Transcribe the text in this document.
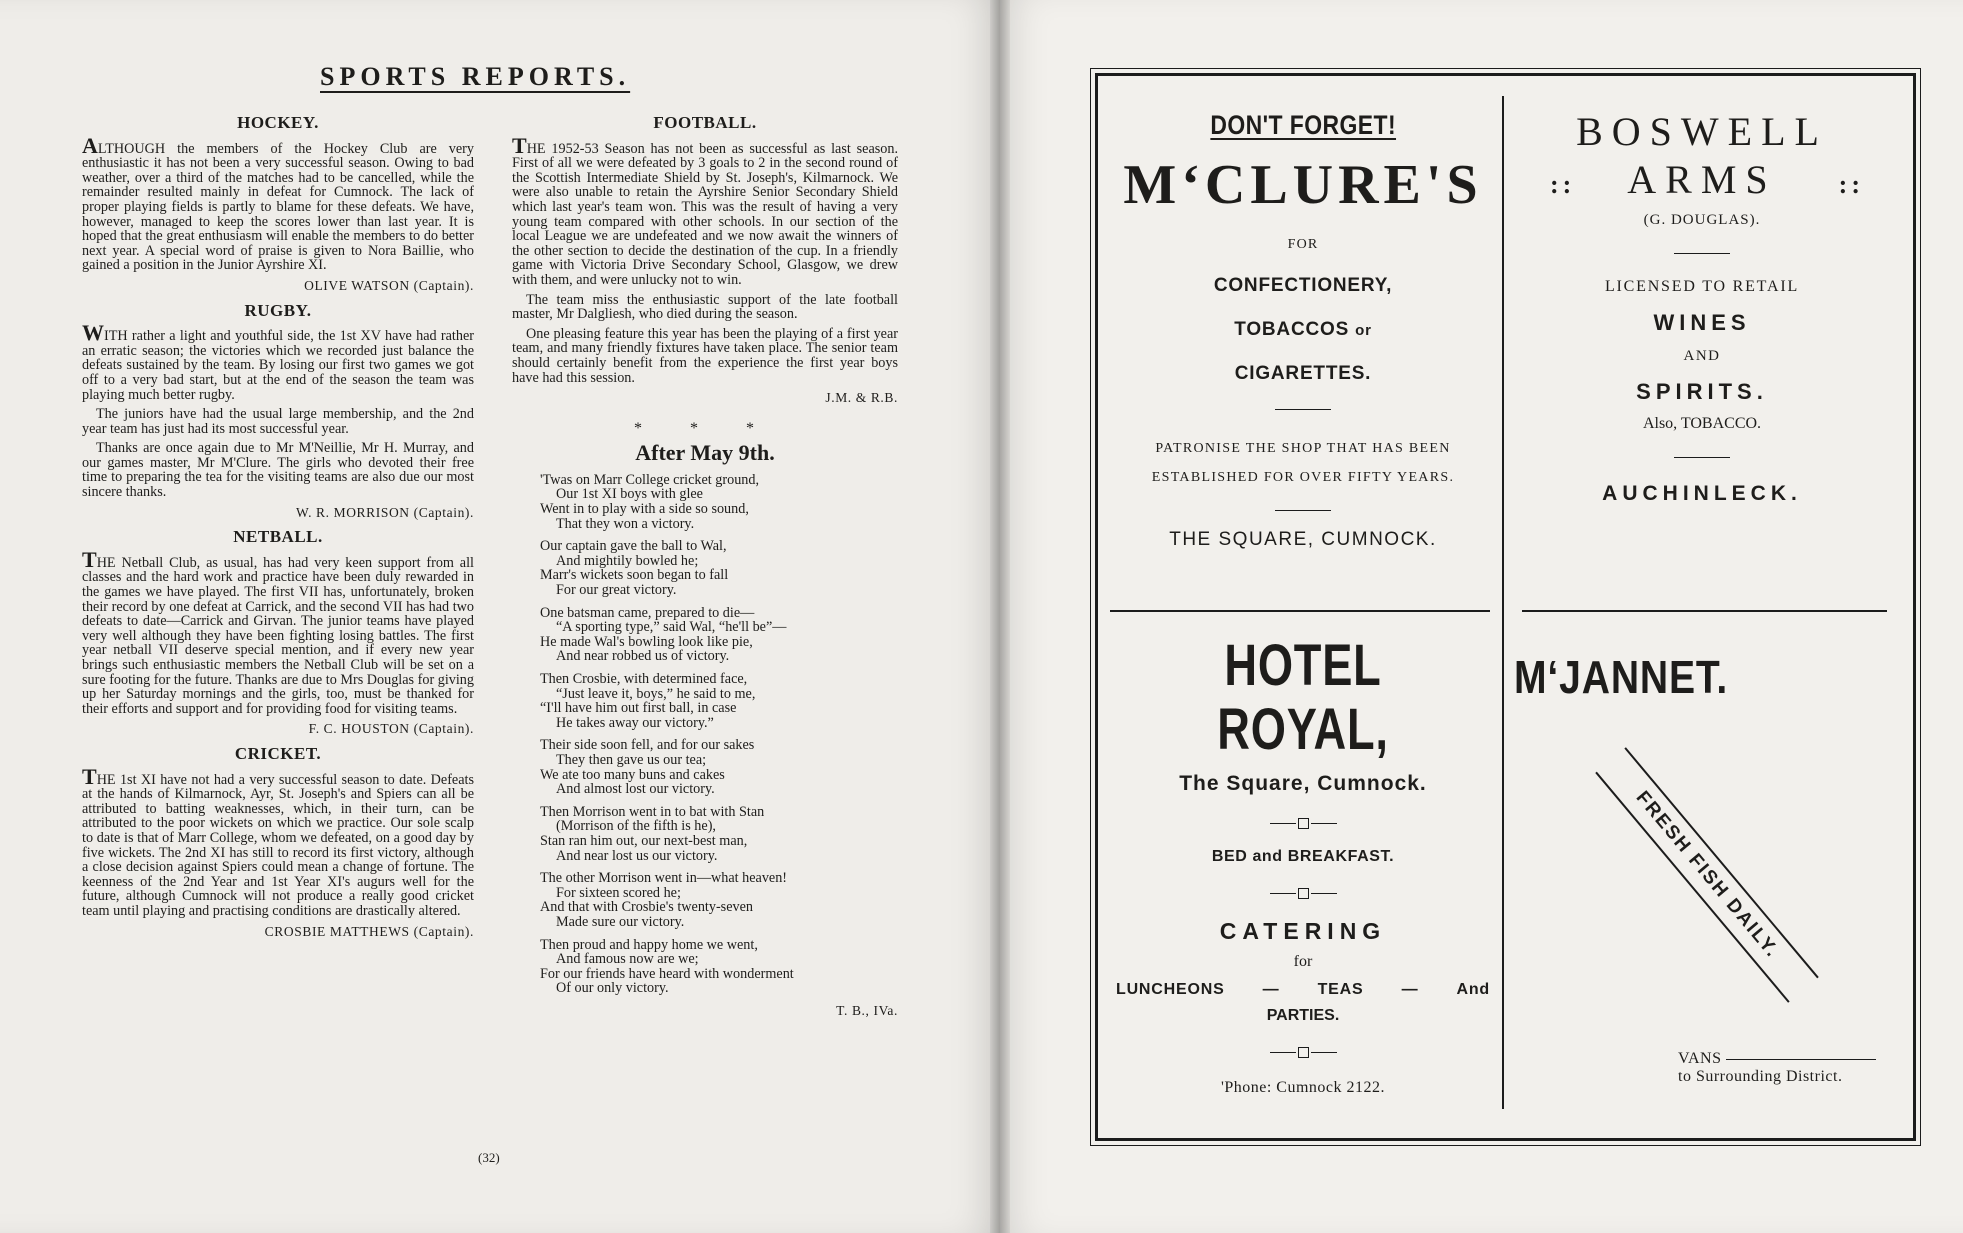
SPORTS REPORTS.
HOCKEY.

ALTHOUGH the members of the Hockey Club are very enthusiastic it has not been a very successful season. Owing to bad weather, over a third of the matches had to be cancelled, while the remainder resulted mainly in defeat for Cumnock. The lack of proper playing fields is partly to blame for these defeats. We have, however, managed to keep the scores lower than last year. It is hoped that the great enthusiasm will enable the members to do better next year. A special word of praise is given to Nora Baillie, who gained a position in the Junior Ayrshire XI.

OLIVE WATSON (Captain).
RUGBY.

WITH rather a light and youthful side, the 1st XV have had rather an erratic season; the victories which we recorded just balance the defeats sustained by the team. By losing our first two games we got off to a very bad start, but at the end of the season the team was playing much better rugby.

The juniors have had the usual large membership, and the 2nd year team has just had its most successful year.

Thanks are once again due to Mr M'Neillie, Mr H. Murray, and our games master, Mr M'Clure. The girls who devoted their free time to preparing the tea for the visiting teams are also due our most sincere thanks.

W. R. MORRISON (Captain).
NETBALL.

THE Netball Club, as usual, has had very keen support from all classes and the hard work and practice have been duly rewarded in the games we have played. The first VII has, unfortunately, broken their record by one defeat at Carrick, and the second VII has had two defeats to date—Carrick and Girvan. The junior teams have played very well although they have been fighting losing battles. The first year netball VII deserve special mention, and if every new year brings such enthusiastic members the Netball Club will be set on a sure footing for the future. Thanks are due to Mrs Douglas for giving up her Saturday mornings and the girls, too, must be thanked for their efforts and support and for providing food for visiting teams.

F. C. HOUSTON (Captain).
CRICKET.

THE 1st XI have not had a very successful season to date. Defeats at the hands of Kilmarnock, Ayr, St. Joseph's and Spiers can all be attributed to batting weaknesses, which, in their turn, can be attributed to the poor wickets on which we practice. Our sole scalp to date is that of Marr College, whom we defeated, on a good day by five wickets. The 2nd XI has still to record its first victory, although a close decision against Spiers could mean a change of fortune. The keenness of the 2nd Year and 1st Year XI's augurs well for the future, although Cumnock will not produce a really good cricket team until playing and practising conditions are drastically altered.

CROSBIE MATTHEWS (Captain).
FOOTBALL.

THE 1952-53 Season has not been as successful as last season. First of all we were defeated by 3 goals to 2 in the second round of the Scottish Intermediate Shield by St. Joseph's, Kilmarnock. We were also unable to retain the Ayrshire Senior Secondary Shield which last year's team won. This was the result of having a very young team compared with other schools. In our section of the local League we are undefeated and we now await the winners of the other section to decide the destination of the cup. In a friendly game with Victoria Drive Secondary School, Glasgow, we drew with them, and were unlucky not to win.

The team miss the enthusiastic support of the late football master, Mr Dalgliesh, who died during the season.

One pleasing feature this year has been the playing of a first year team, and many friendly fixtures have taken place. The senior team should certainly benefit from the experience the first year boys have had this session.

J.M. & R.B.
* * *
After May 9th.
'Twas on Marr College cricket ground,
Our 1st XI boys with glee
Went in to play with a side so sound,
That they won a victory.
Our captain gave the ball to Wal,
And mightily bowled he;
Marr's wickets soon began to fall
For our great victory.
One batsman came, prepared to die—
“A sporting type,” said Wal, “he'll be”—
He made Wal's bowling look like pie,
And near robbed us of victory.
Then Crosbie, with determined face,
“Just leave it, boys,” he said to me,
“I'll have him out first ball, in case
He takes away our victory.”
Their side soon fell, and for our sakes
They then gave us our tea;
We ate too many buns and cakes
And almost lost our victory.
Then Morrison went in to bat with Stan
(Morrison of the fifth is he),
Stan ran him out, our next-best man,
And near lost us our victory.
The other Morrison went in—what heaven!
For sixteen scored he;
And that with Crosbie's twenty-seven
Made sure our victory.
Then proud and happy home we went,
And famous now are we;
For our friends have heard with wonderment
Of our only victory.
T. B., IVa.
(32)
DON'T FORGET!
M‘CLURE'S
FOR
CONFECTIONERY,
TOBACCOS or
CIGARETTES.
PATRONISE THE SHOP THAT HAS BEEN
ESTABLISHED FOR OVER FIFTY YEARS.
THE SQUARE, CUMNOCK.
BOSWELL
:: ARMS ::
(G. DOUGLAS).
LICENSED TO RETAIL
WINES
AND
SPIRITS.
Also, TOBACCO.
AUCHINLECK.
HOTEL ROYAL,
The Square, Cumnock.
BED and BREAKFAST.
CATERING
for
LUNCHEONS — TEAS — And
PARTIES.
'Phone: Cumnock 2122.
M‘JANNET.
FRESH FISH DAILY.
VANS
to Surrounding District.
